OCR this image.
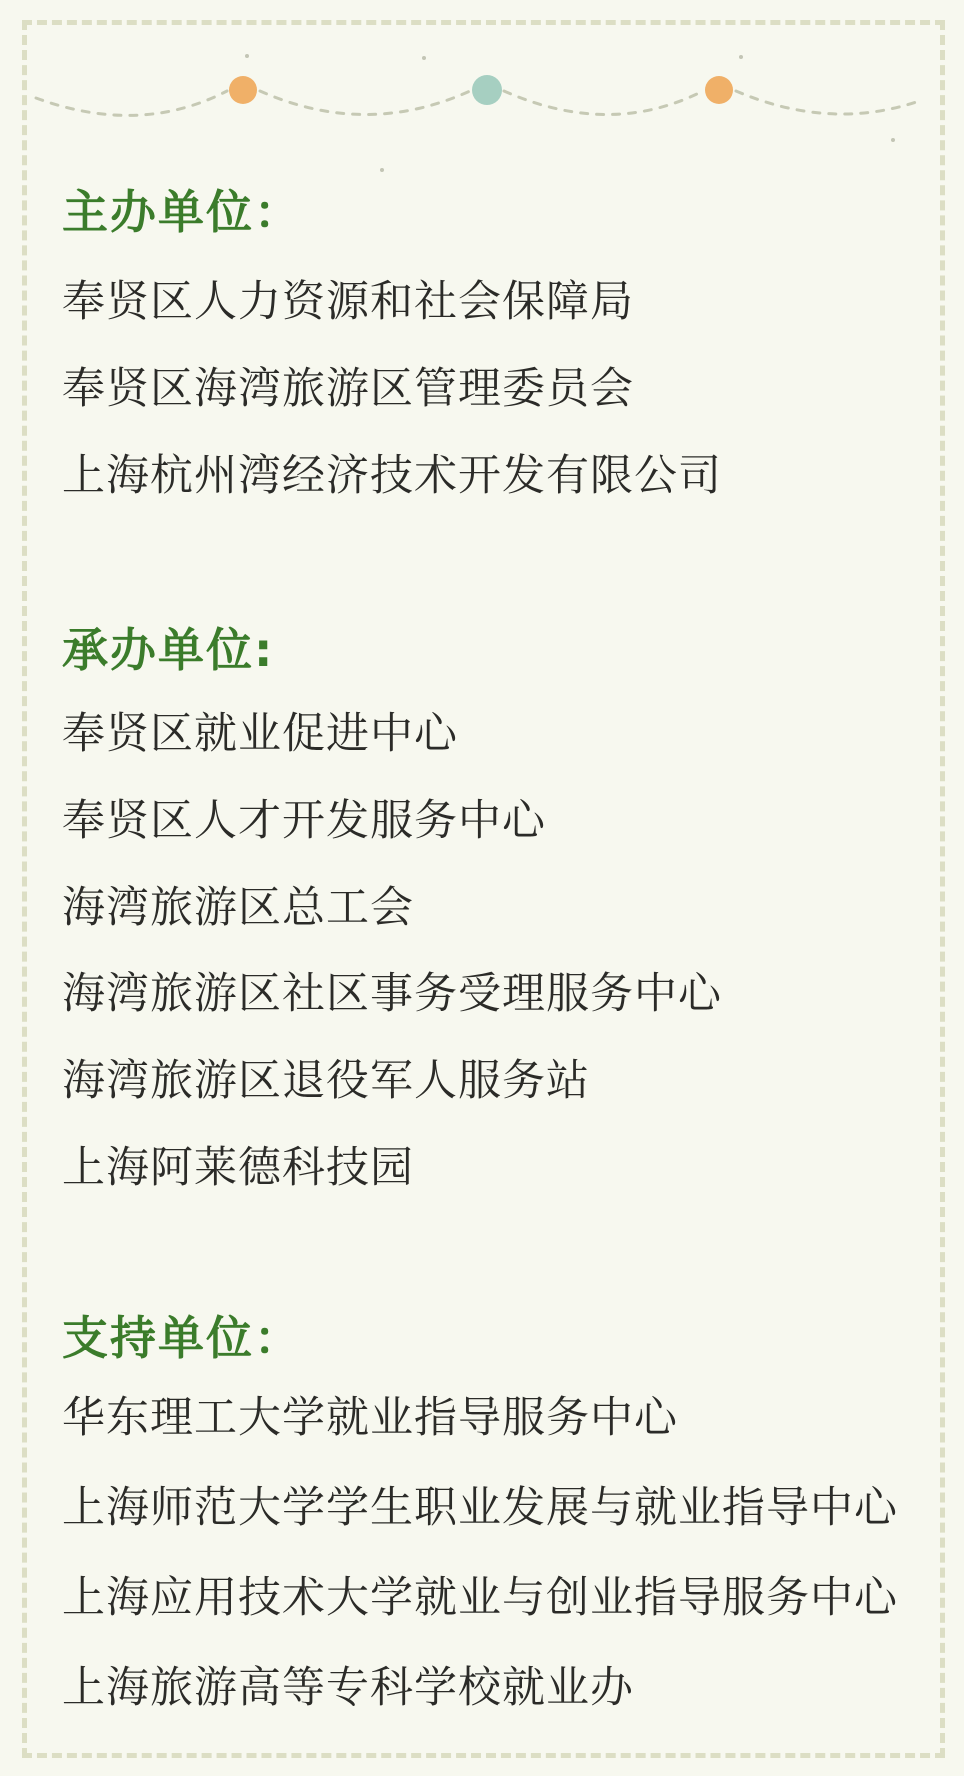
主办单位：

奉贤区人力资源和社会保障局

奉贤区海湾旅游区管理委员会

上海杭州湾经济技术开发有限公司

承办单位:

奉贤区就业促进中心

奉贤区人才开发服务中心

海湾旅游区总工会

海湾旅游区社区事务受理服务中心

海湾旅游区退役军人服务站

上海阿莱德科技园

支持单位：

华东理工大学就业指导服务中心

上海师范大学学生职业发展与就业指导中心

上海应用技术大学就业与创业指导服务中心

上海旅游高等专科学校就业办
